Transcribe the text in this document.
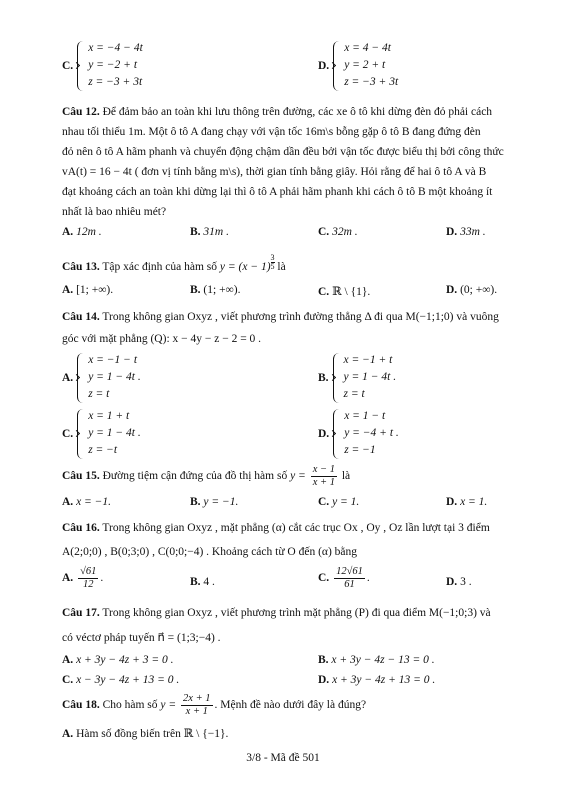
C.
x = −4 − 4t
y = −2 + t
z = −3 + 3t
D.
x = 4 − 4t
y = 2 + t
z = −3 + 3t
Câu 12. Để đảm bảo an toàn khi lưu thông trên đường, các xe ô tô khi dừng đèn đỏ phải cách
nhau tối thiểu 1m. Một ô tô A đang chạy với vận tốc 16m\s bỗng gặp ô tô B đang đứng đèn
đỏ nên ô tô A hãm phanh và chuyển động chậm dần đều bởi vận tốc được biểu thị bởi công thức
vA(t) = 16 − 4t ( đơn vị tính bằng m\s), thời gian tính bằng giây. Hỏi rằng để hai ô tô A và B
đạt khoảng cách an toàn khi dừng lại thì ô tô A phải hãm phanh khi cách ô tô B một khoảng ít
nhất là bao nhiêu mét?
A. 12m .	B. 31m .	C. 32m .	D. 33m .
Câu 13. Tập xác định của hàm số y = (x − 1) $^{\frac{3}{5}}$ là
A. [1; +∞).	B. (1; +∞).	C. ℝ \ {1}.	D. (0; +∞).
Câu 14. Trong không gian Oxyz , viết phương trình đường thẳng Δ đi qua M(−1;1;0) và vuông
góc với mặt phẳng (Q): x − 4y − z − 2 = 0 .
A.
x = −1 − t
y = 1 − 4t .
z = t
B.
x = −1 + t
y = 1 − 4t .
z = t
C.
x = 1 + t
y = 1 − 4t .
z = −t
D.
x = 1 − t
y = −4 + t .
z = −1
Câu 15. Đường tiệm cận đứng của đồ thị hàm số $y = \frac{x - 1}{x + 1}$ là
A. x = −1.	B. y = −1.	C. y = 1.	D. x = 1.
Câu 16. Trong không gian Oxyz , mặt phẳng (α) cắt các trục Ox , Oy , Oz lần lượt tại 3 điểm
A(2;0;0) , B(0;3;0) , C(0;0;−4) . Khoảng cách từ O đến (α) bằng
A. $\frac{√61}{12}$ .	B. 4 .	C. $\frac{12√61}{61}$ .	D. 3 .
Câu 17. Trong không gian Oxyz , viết phương trình mặt phẳng (P) đi qua điểm M(−1;0;3) và
có véctơ pháp tuyến n⃗ = (1;3;−4) .
A. x + 3y − 4z + 3 = 0 .	B. x + 3y − 4z − 13 = 0 .
C. x − 3y − 4z + 13 = 0 .	D. x + 3y − 4z + 13 = 0 .
Câu 18. Cho hàm số $y = \frac{2x + 1}{x + 1}$ . Mệnh đề nào dưới đây là đúng?
A. Hàm số đồng biến trên ℝ \ {−1}.
3/8 - Mã đề 501
